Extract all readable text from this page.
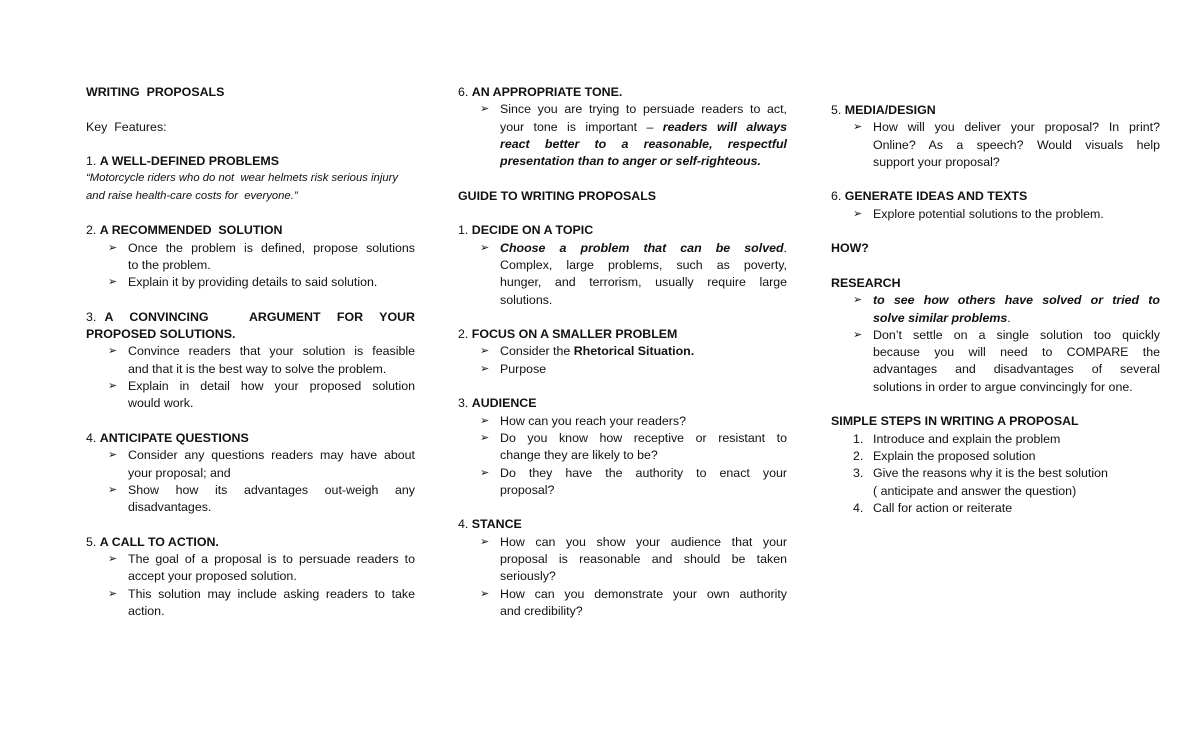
WRITING  PROPOSALS
Key  Features:
1. A WELL-DEFINED PROBLEMS
“Motorcycle riders who do not  wear helmets risk serious injury
and raise health-care costs for  everyone.”
2. A RECOMMENDED  SOLUTION
➢ Once the problem is defined, propose solutions
to the problem.
➢ Explain it by providing details to said solution.
3. A  CONVINCING     ARGUMENT  FOR  YOUR
PROPOSED SOLUTIONS.
➢ Convince readers that your solution is feasible
and that it is the best way to solve the problem.
➢ Explain in detail how your proposed solution
would work.
4. ANTICIPATE QUESTIONS
➢ Consider any questions readers may have about
your proposal; and
➢ Show how its advantages out-weigh any
disadvantages.
5. A CALL TO ACTION.
➢ The goal of a proposal is to persuade readers to
accept your proposed solution.
➢ This solution may include asking readers to take
action.
6. AN APPROPRIATE TONE.
➢ Since you are trying to persuade readers to act,
your tone is important – readers will always
react better to a reasonable, respectful
presentation than to anger or self-righteous.
GUIDE TO WRITING PROPOSALS
1. DECIDE ON A TOPIC
➢ Choose a problem that can be solved.
Complex, large problems, such as poverty,
hunger, and terrorism, usually require large
solutions.
2. FOCUS ON A SMALLER PROBLEM
➢ Consider the Rhetorical Situation.
➢ Purpose
3. AUDIENCE
➢ How can you reach your readers?
➢ Do you know how receptive or resistant to
change they are likely to be?
➢ Do they have the authority to enact your
proposal?
4. STANCE
➢ How can you show your audience that your
proposal is reasonable and should be taken
seriously?
➢ How can you demonstrate your own authority
and credibility?
5. MEDIA/DESIGN
➢ How will you deliver your proposal? In print?
Online? As a speech? Would visuals help
support your proposal?
6. GENERATE IDEAS AND TEXTS
➢ Explore potential solutions to the problem.
HOW?
RESEARCH
➢ to see how others have solved or tried to
solve similar problems.
➢ Don’t settle on a single solution too quickly
because you will need to COMPARE the
advantages and disadvantages of several
solutions in order to argue convincingly for one.
SIMPLE STEPS IN WRITING A PROPOSAL
1. Introduce and explain the problem
2. Explain the proposed solution
3. Give the reasons why it is the best solution
( anticipate and answer the question)
4. Call for action or reiterate
